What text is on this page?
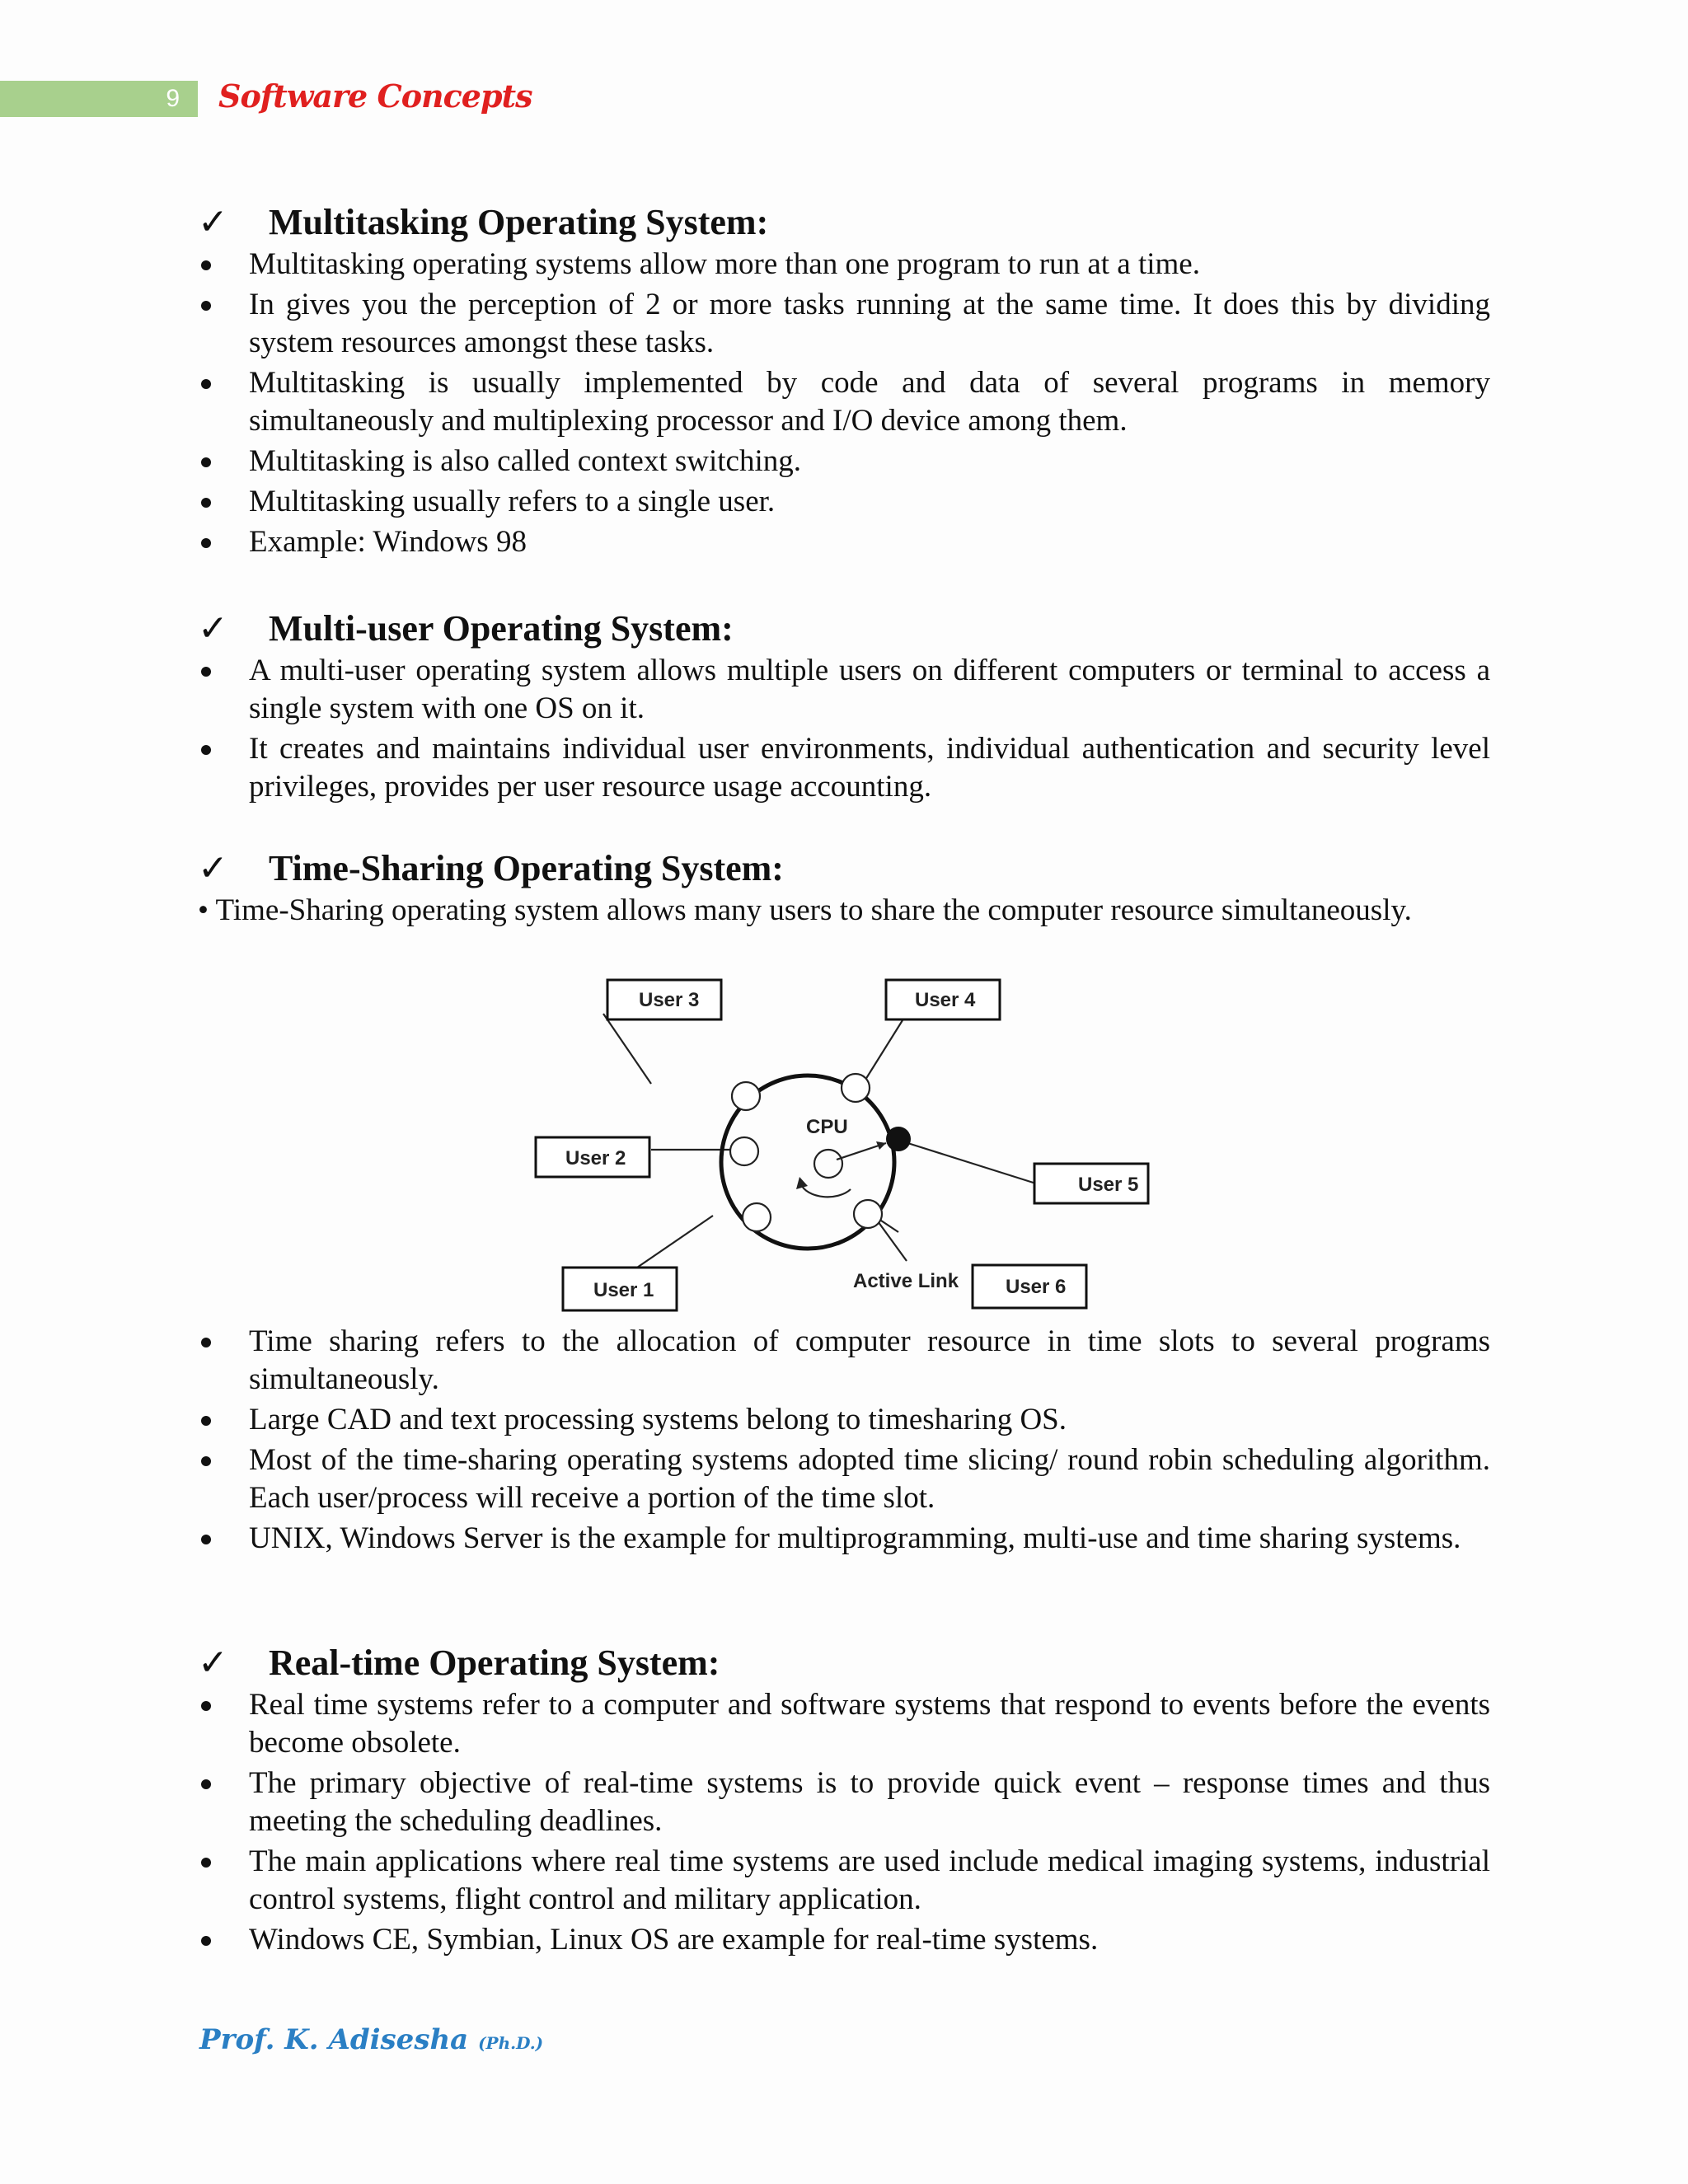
9	Software Concepts
✓	Multitasking Operating System:
Multitasking operating systems allow more than one program to run at a time.
In gives you the perception of 2 or more tasks running at the same time. It does this by dividing system resources amongst these tasks.
Multitasking is usually implemented by code and data of several programs in memory simultaneously and multiplexing processor and I/O device among them.
Multitasking is also called context switching.
Multitasking usually refers to a single user.
Example: Windows 98
✓	Multi-user Operating System:
A multi-user operating system allows multiple users on different computers or terminal to access a single system with one OS on it.
It creates and maintains individual user environments, individual authentication and security level privileges, provides per user resource usage accounting.
✓	Time-Sharing Operating System:
• Time-Sharing operating system allows many users to share the computer resource simultaneously.
CPU
User 3	User 4
User 2
User 5
User 1	User 6
Active Link
Time sharing refers to the allocation of computer resource in time slots to several programs simultaneously.
Large CAD and text processing systems belong to timesharing OS.
Most of the time-sharing operating systems adopted time slicing/ round robin scheduling algorithm. Each user/process will receive a portion of the time slot.
UNIX, Windows Server is the example for multiprogramming, multi-use and time sharing systems.
✓	Real-time Operating System:
Real time systems refer to a computer and software systems that respond to events before the events become obsolete.
The primary objective of real-time systems is to provide quick event – response times and thus meeting the scheduling deadlines.
The main applications where real time systems are used include medical imaging systems, industrial control systems, flight control and military application.
Windows CE, Symbian, Linux OS are example for real-time systems.
Prof. K. Adisesha (Ph.D.)
